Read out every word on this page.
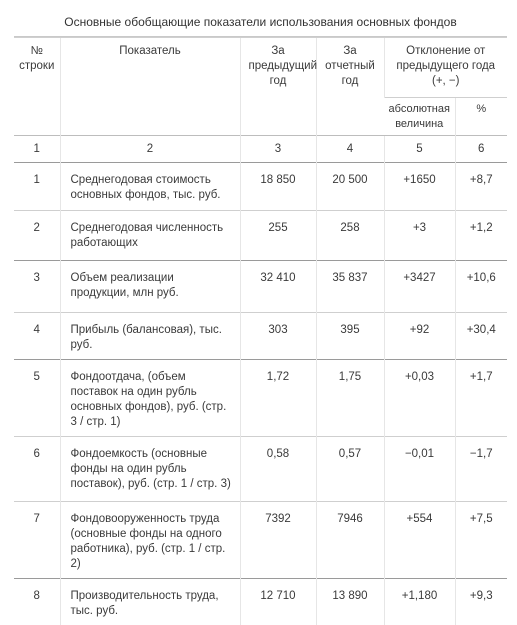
Основные обобщающие показатели использования основных фондов
№ строки	Показатель	За предыдущий год	За отчетный год	Отклонение от предыдущего года (+, −)	
				абсолютная величина	%
1	2	3	4	5	6
1	Среднегодовая стоимость основных фондов, тыс. руб.	18 850	20 500	+1650	+8,7
2	Среднегодовая численность работающих	255	258	+3	+1,2
3	Объем реализации продукции, млн руб.	32 410	35 837	+3427	+10,6
4	Прибыль (балансовая), тыс. руб.	303	395	+92	+30,4
5	Фондоотдача, (объем поставок на один рубль основных фондов), руб. (стр. 3 / стр. 1)	1,72	1,75	+0,03	+1,7
6	Фондоемкость (основные фонды на один рубль поставок), руб. (стр. 1 / стр. 3)	0,58	0,57	−0,01	−1,7
7	Фондовооруженность труда (основные фонды на одного работника), руб. (стр. 1 / стр. 2)	7392	7946	+554	+7,5
8	Производительность труда, тыс. руб.	12 710	13 890	+1,180	+9,3
